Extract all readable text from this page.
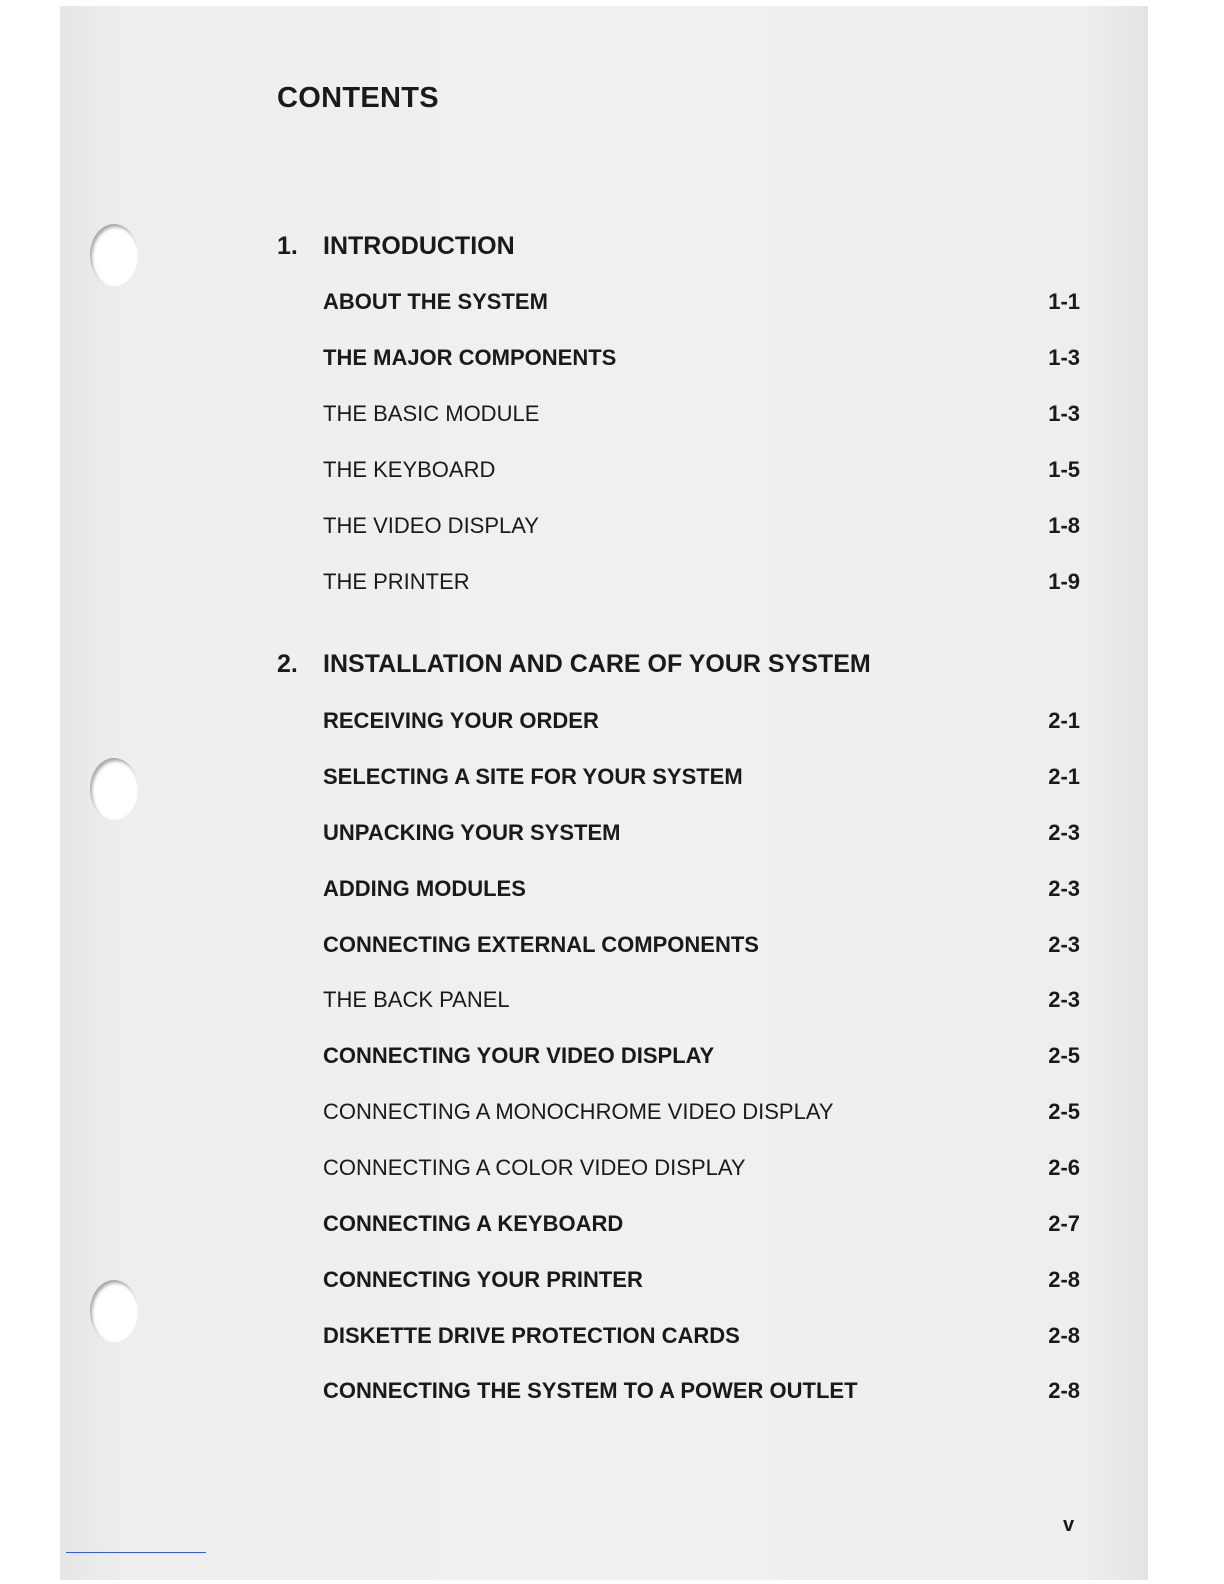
CONTENTS
1. INTRODUCTION
ABOUT THE SYSTEM	1-1
THE MAJOR COMPONENTS	1-3
THE BASIC MODULE	1-3
THE KEYBOARD	1-5
THE VIDEO DISPLAY	1-8
THE PRINTER	1-9
2. INSTALLATION AND CARE OF YOUR SYSTEM
RECEIVING YOUR ORDER	2-1
SELECTING A SITE FOR YOUR SYSTEM	2-1
UNPACKING YOUR SYSTEM	2-3
ADDING MODULES	2-3
CONNECTING EXTERNAL COMPONENTS	2-3
THE BACK PANEL	2-3
CONNECTING YOUR VIDEO DISPLAY	2-5
CONNECTING A MONOCHROME VIDEO DISPLAY	2-5
CONNECTING A COLOR VIDEO DISPLAY	2-6
CONNECTING A KEYBOARD	2-7
CONNECTING YOUR PRINTER	2-8
DISKETTE DRIVE PROTECTION CARDS	2-8
CONNECTING THE SYSTEM TO A POWER OUTLET	2-8
v
